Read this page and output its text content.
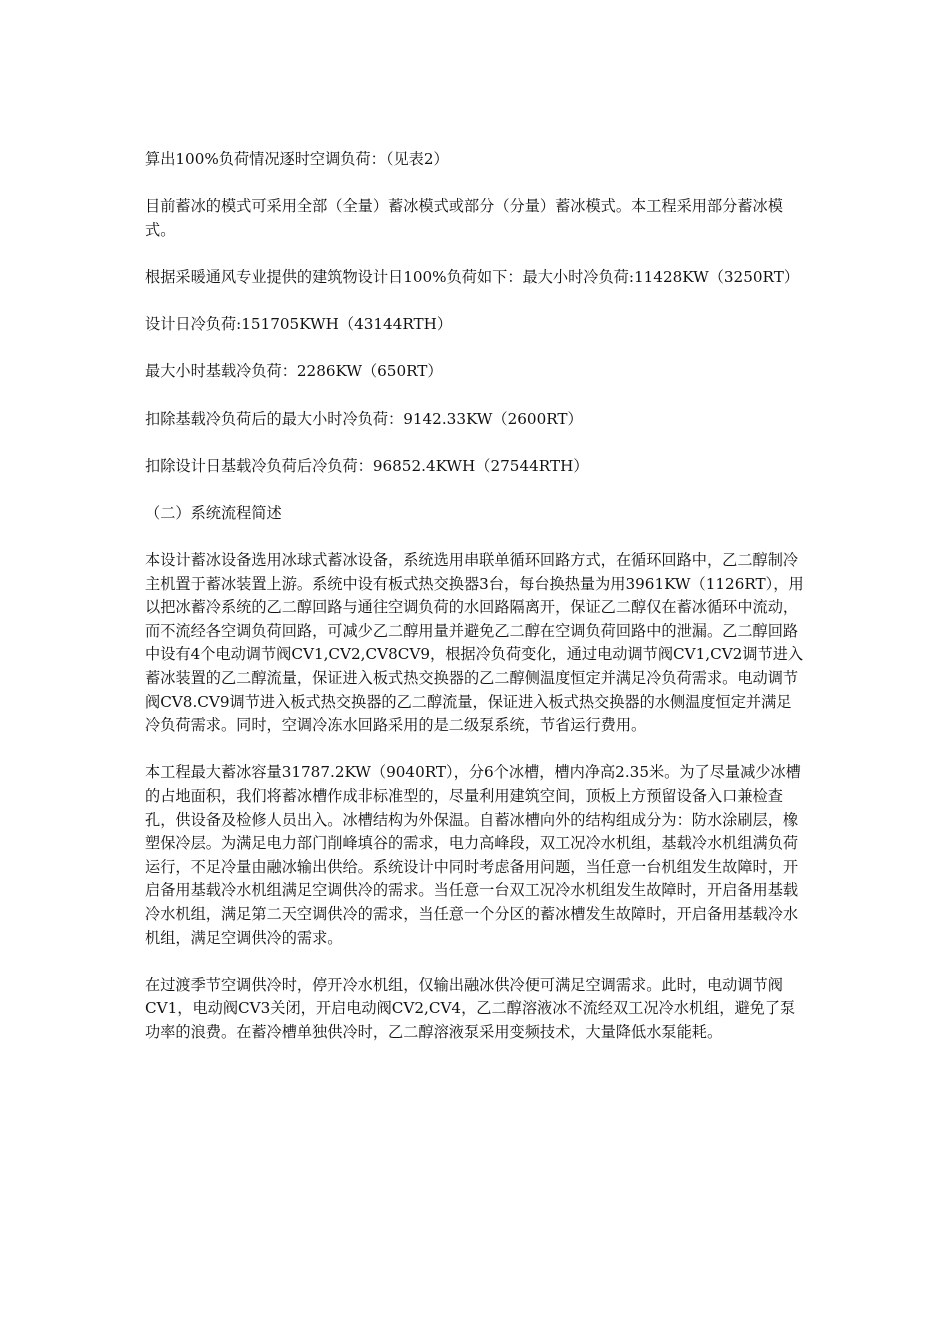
算出100%负荷情况逐时空调负荷：（见表2）

目前蓄冰的模式可采用全部（全量）蓄冰模式或部分（分量）蓄冰模式。本工程采用部分蓄冰模式。

根据采暖通风专业提供的建筑物设计日100%负荷如下：最大小时冷负荷:11428KW（3250RT）

设计日冷负荷:151705KWH（43144RTH）

最大小时基载冷负荷：2286KW（650RT）

扣除基载冷负荷后的最大小时冷负荷：9142.33KW（2600RT）

扣除设计日基载冷负荷后冷负荷：96852.4KWH（27544RTH）

（二）系统流程简述

本设计蓄冰设备选用冰球式蓄冰设备，系统选用串联单循环回路方式，在循环回路中，乙二醇制冷主机置于蓄冰装置上游。系统中设有板式热交换器3台，每台换热量为用3961KW（1126RT），用以把冰蓄冷系统的乙二醇回路与通往空调负荷的水回路隔离开，保证乙二醇仅在蓄冰循环中流动，而不流经各空调负荷回路，可减少乙二醇用量并避免乙二醇在空调负荷回路中的泄漏。乙二醇回路中设有4个电动调节阀CV1,CV2,CV8CV9，根据冷负荷变化，通过电动调节阀CV1,CV2调节进入蓄冰装置的乙二醇流量，保证进入板式热交换器的乙二醇侧温度恒定并满足冷负荷需求。电动调节阀CV8.CV9调节进入板式热交换器的乙二醇流量，保证进入板式热交换器的水侧温度恒定并满足冷负荷需求。同时，空调冷冻水回路采用的是二级泵系统，节省运行费用。

本工程最大蓄冰容量31787.2KW（9040RT），分6个冰槽，槽内净高2.35米。为了尽量减少冰槽的占地面积，我们将蓄冰槽作成非标准型的，尽量利用建筑空间，顶板上方预留设备入口兼检查孔，供设备及检修人员出入。冰槽结构为外保温。自蓄冰槽向外的结构组成分为：防水涂刷层，橡塑保冷层。为满足电力部门削峰填谷的需求，电力高峰段，双工况冷水机组，基载冷水机组满负荷运行，不足冷量由融冰输出供给。系统设计中同时考虑备用问题，当任意一台机组发生故障时，开启备用基载冷水机组满足空调供冷的需求。当任意一台双工况冷水机组发生故障时，开启备用基载冷水机组，满足第二天空调供冷的需求，当任意一个分区的蓄冰槽发生故障时，开启备用基载冷水机组，满足空调供冷的需求。

在过渡季节空调供冷时，停开冷水机组，仅输出融冰供冷便可满足空调需求。此时，电动调节阀CV1，电动阀CV3关闭，开启电动阀CV2,CV4，乙二醇溶液冰不流经双工况冷水机组，避免了泵功率的浪费。在蓄冷槽单独供冷时，乙二醇溶液泵采用变频技术，大量降低水泵能耗。
